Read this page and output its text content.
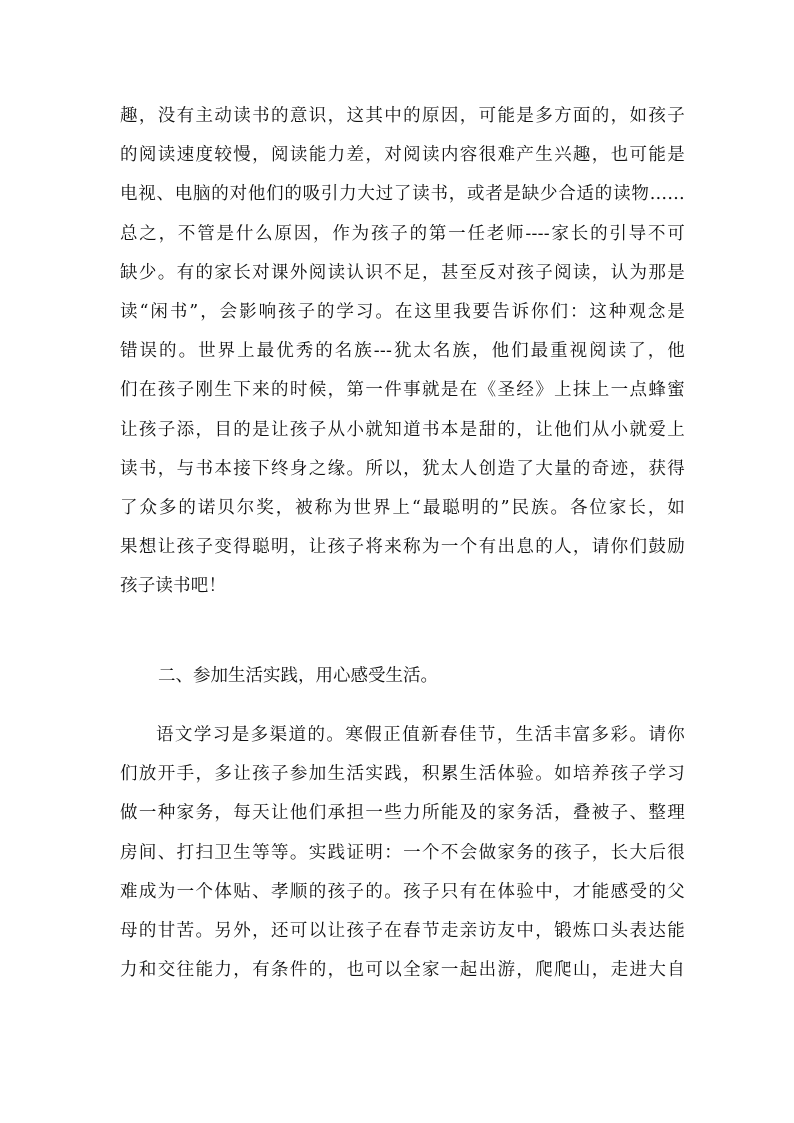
趣，没有主动读书的意识，这其中的原因，可能是多方面的，如孩子
的阅读速度较慢，阅读能力差，对阅读内容很难产生兴趣，也可能是
电视、电脑的对他们的吸引力大过了读书，或者是缺少合适的读物……
总之，不管是什么原因，作为孩子的第一任老师----家长的引导不可
缺少。有的家长对课外阅读认识不足，甚至反对孩子阅读，认为那是
读“闲书”，会影响孩子的学习。在这里我要告诉你们：这种观念是
错误的。世界上最优秀的名族---犹太名族，他们最重视阅读了，他
们在孩子刚生下来的时候，第一件事就是在《圣经》上抹上一点蜂蜜
让孩子添，目的是让孩子从小就知道书本是甜的，让他们从小就爱上
读书，与书本接下终身之缘。所以，犹太人创造了大量的奇迹，获得
了众多的诺贝尔奖，被称为世界上“最聪明的”民族。各位家长，如
果想让孩子变得聪明，让孩子将来称为一个有出息的人，请你们鼓励
孩子读书吧！
二、参加生活实践，用心感受生活。
语文学习是多渠道的。寒假正值新春佳节，生活丰富多彩。请你
们放开手，多让孩子参加生活实践，积累生活体验。如培养孩子学习
做一种家务，每天让他们承担一些力所能及的家务活，叠被子、整理
房间、打扫卫生等等。实践证明：一个不会做家务的孩子，长大后很
难成为一个体贴、孝顺的孩子的。孩子只有在体验中，才能感受的父
母的甘苦。另外，还可以让孩子在春节走亲访友中，锻炼口头表达能
力和交往能力，有条件的，也可以全家一起出游，爬爬山，走进大自
